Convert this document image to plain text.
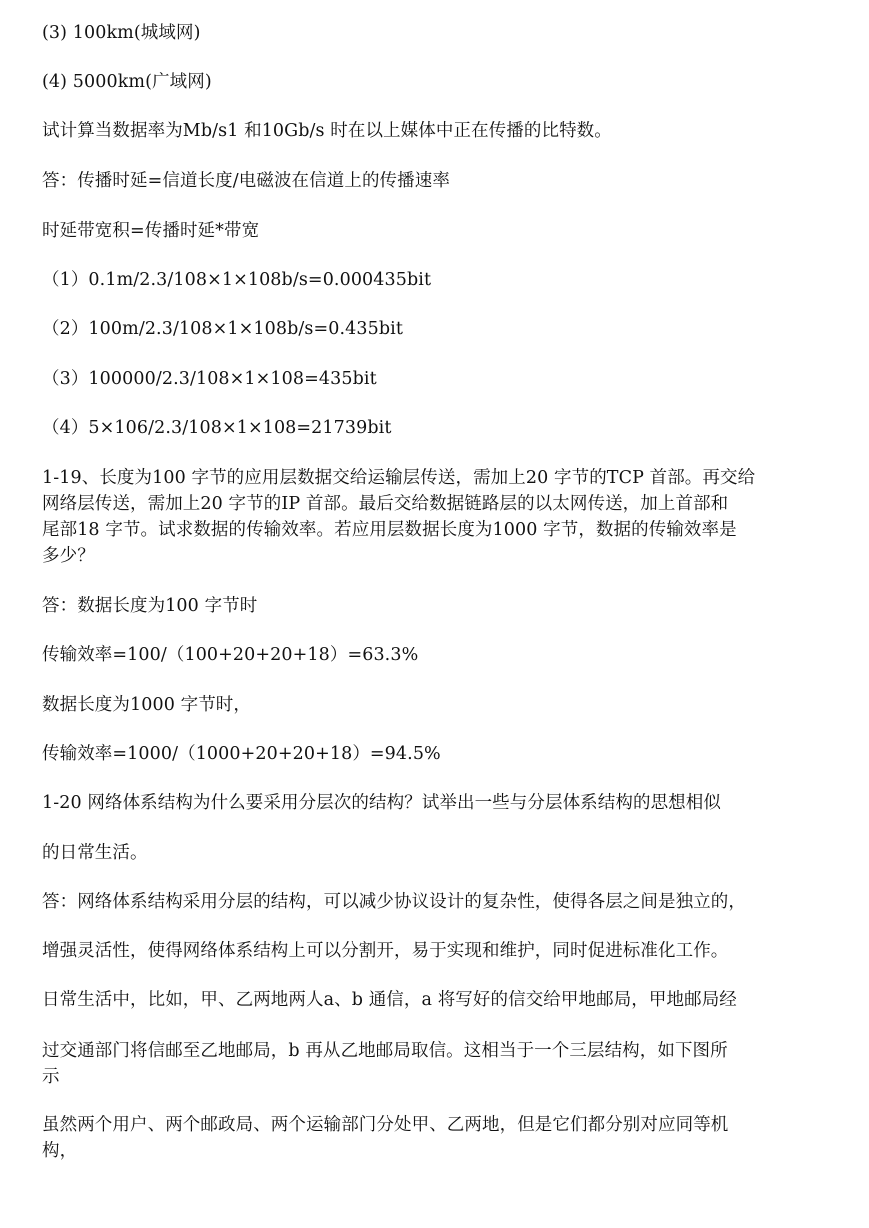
(3) 100km(城域网)
(4) 5000km(广域网)
试计算当数据率为Mb/s1 和10Gb/s 时在以上媒体中正在传播的比特数。
答：传播时延=信道长度/电磁波在信道上的传播速率
时延带宽积=传播时延*带宽
（1）0.1m/2.3/108×1×108b/s=0.000435bit
（2）100m/2.3/108×1×108b/s=0.435bit
（3）100000/2.3/108×1×108=435bit
（4）5×106/2.3/108×1×108=21739bit
1-19、长度为100 字节的应用层数据交给运输层传送，需加上20 字节的TCP 首部。再交给
网络层传送，需加上20 字节的IP 首部。最后交给数据链路层的以太网传送，加上首部和
尾部18 字节。试求数据的传输效率。若应用层数据长度为1000 字节，数据的传输效率是
多少？
答：数据长度为100 字节时
传输效率=100/（100+20+20+18）=63.3%
数据长度为1000 字节时，
传输效率=1000/（1000+20+20+18）=94.5%
1-20 网络体系结构为什么要采用分层次的结构？试举出一些与分层体系结构的思想相似
的日常生活。
答：网络体系结构采用分层的结构，可以减少协议设计的复杂性，使得各层之间是独立的，
增强灵活性，使得网络体系结构上可以分割开，易于实现和维护，同时促进标准化工作。
日常生活中，比如，甲、乙两地两人a、b 通信，a 将写好的信交给甲地邮局，甲地邮局经
过交通部门将信邮至乙地邮局，b 再从乙地邮局取信。这相当于一个三层结构，如下图所
示
虽然两个用户、两个邮政局、两个运输部门分处甲、乙两地，但是它们都分别对应同等机
构，
